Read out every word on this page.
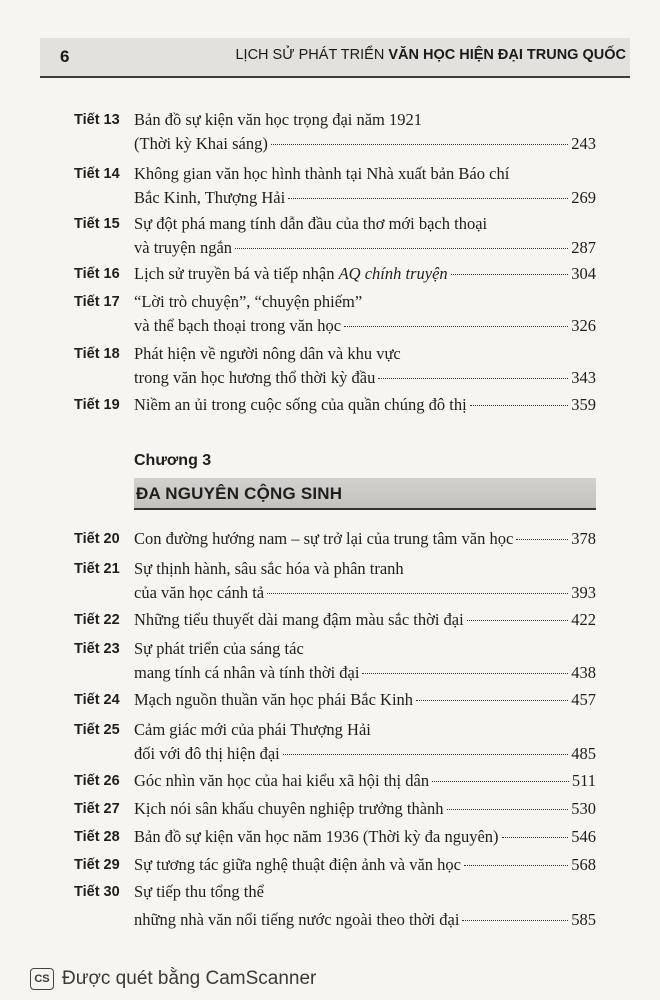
6	LỊCH SỬ PHÁT TRIỂN VĂN HỌC HIỆN ĐẠI TRUNG QUỐC
Tiết 13 Bản đồ sự kiện văn học trọng đại năm 1921
(Thời kỳ Khai sáng)	243
Tiết 14 Không gian văn học hình thành tại Nhà xuất bản Báo chí
Bắc Kinh, Thượng Hải	269
Tiết 15 Sự đột phá mang tính dẫn đầu của thơ mới bạch thoại
và truyện ngắn	287
Tiết 16 Lịch sử truyền bá và tiếp nhận AQ chính truyện	304
Tiết 17 “Lời trò chuyện”, “chuyện phiếm”
và thể bạch thoại trong văn học	326
Tiết 18 Phát hiện về người nông dân và khu vực
trong văn học hương thổ thời kỳ đầu	343
Tiết 19 Niềm an ủi trong cuộc sống của quần chúng đô thị	359
Chương 3
ĐA NGUYÊN CỘNG SINH
Tiết 20 Con đường hướng nam – sự trở lại của trung tâm văn học	378
Tiết 21 Sự thịnh hành, sâu sắc hóa và phân tranh
của văn học cánh tả	393
Tiết 22 Những tiểu thuyết dài mang đậm màu sắc thời đại	422
Tiết 23 Sự phát triển của sáng tác
mang tính cá nhân và tính thời đại	438
Tiết 24 Mạch nguồn thuần văn học phái Bắc Kinh	457
Tiết 25 Cảm giác mới của phái Thượng Hải
đối với đô thị hiện đại	485
Tiết 26 Góc nhìn văn học của hai kiểu xã hội thị dân	511
Tiết 27 Kịch nói sân khấu chuyên nghiệp trưởng thành	530
Tiết 28 Bản đồ sự kiện văn học năm 1936 (Thời kỳ đa nguyên)	546
Tiết 29 Sự tương tác giữa nghệ thuật điện ảnh và văn học	568
Tiết 30 Sự tiếp thu tổng thể
những nhà văn nổi tiếng nước ngoài theo thời đại	585
CS Được quét bằng CamScanner
